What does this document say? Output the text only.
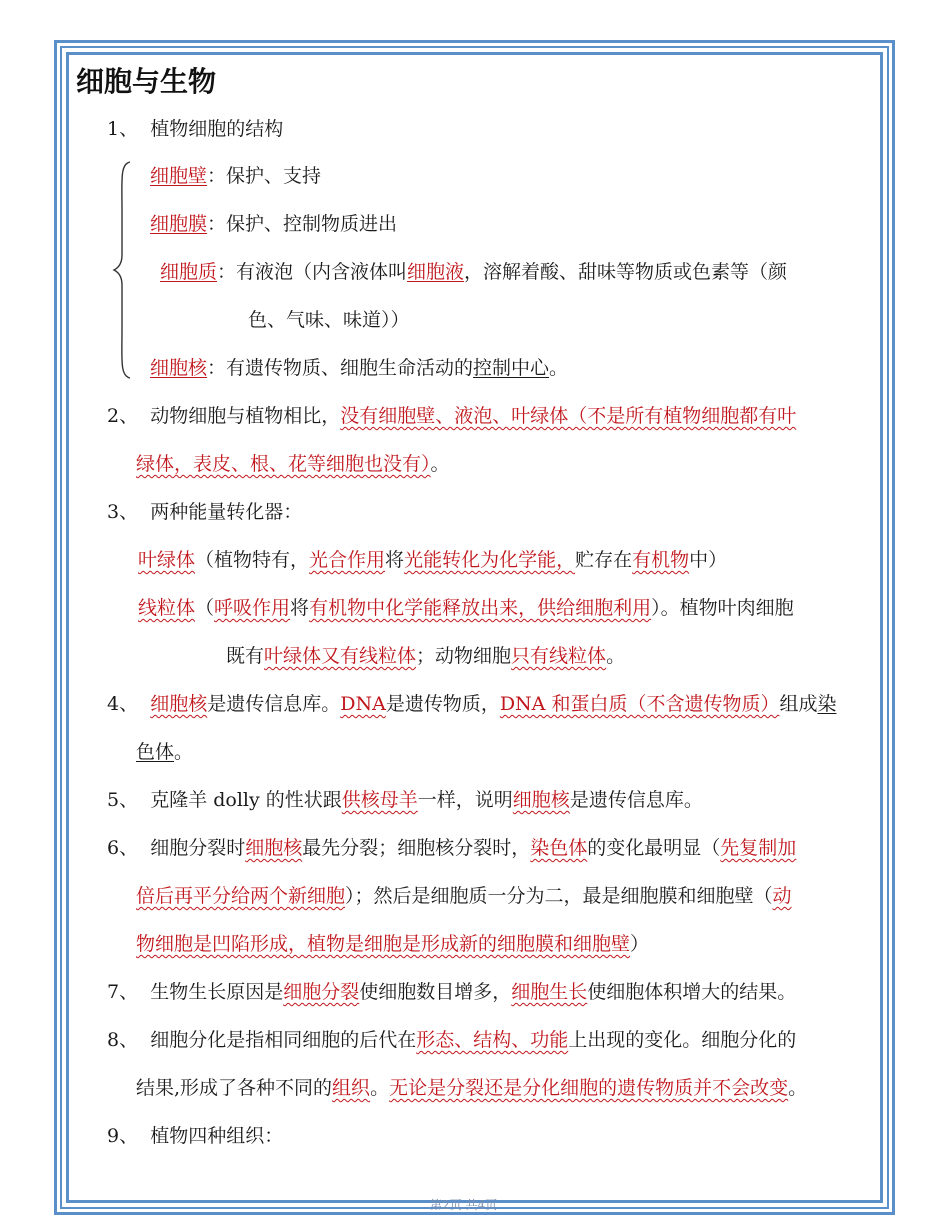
细胞与生物
1、 植物细胞的结构
细胞壁：保护、支持
细胞膜：保护、控制物质进出
细胞质：有液泡（内含液体叫细胞液，溶解着酸、甜味等物质或色素等（颜
色、气味、味道））
细胞核：有遗传物质、细胞生命活动的控制中心。
2、 动物细胞与植物相比，没有细胞壁、液泡、叶绿体（不是所有植物细胞都有叶
绿体，表皮、根、花等细胞也没有）。
3、 两种能量转化器：
叶绿体（植物特有，光合作用将光能转化为化学能，贮存在有机物中）
线粒体（呼吸作用将有机物中化学能释放出来，供给细胞利用）。植物叶肉细胞
既有叶绿体又有线粒体；动物细胞只有线粒体。
4、 细胞核是遗传信息库。DNA是遗传物质，DNA 和蛋白质（不含遗传物质）组成染
色体。
5、 克隆羊 dolly 的性状跟供核母羊一样，说明细胞核是遗传信息库。
6、 细胞分裂时细胞核最先分裂；细胞核分裂时，染色体的变化最明显（先复制加
倍后再平分给两个新细胞）；然后是细胞质一分为二，最是细胞膜和细胞壁（动
物细胞是凹陷形成，植物是细胞是形成新的细胞膜和细胞壁）
7、 生物生长原因是细胞分裂使细胞数目增多，细胞生长使细胞体积增大的结果。
8、 细胞分化是指相同细胞的后代在形态、结构、功能上出现的变化。细胞分化的
结果,形成了各种不同的组织。无论是分裂还是分化细胞的遗传物质并不会改变。
9、 植物四种组织：
第2页 共4页
